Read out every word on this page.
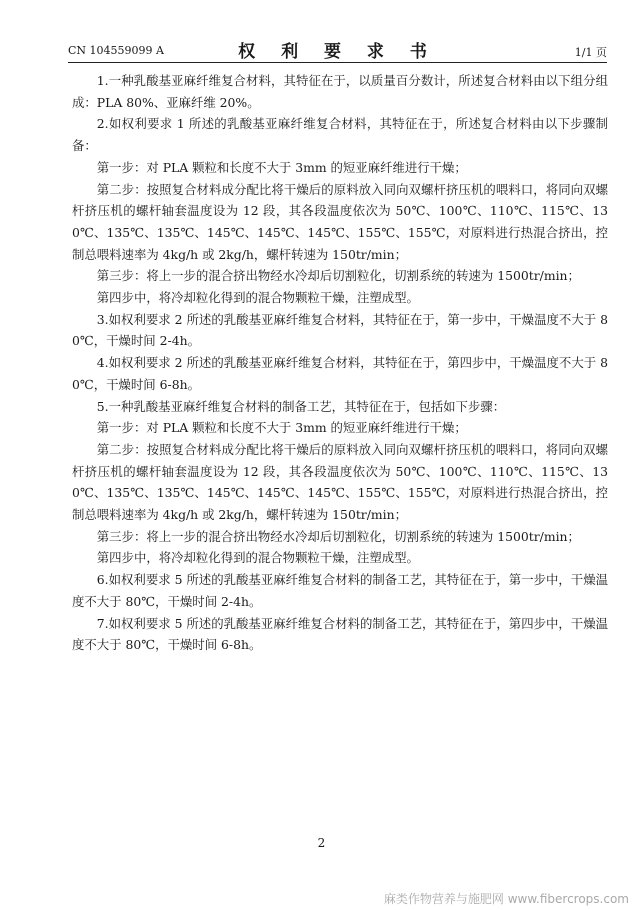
CN 104559099 A	权 利 要 求 书	1/1 页

1.一种乳酸基亚麻纤维复合材料，其特征在于，以质量百分数计，所述复合材料由以下组分组成：PLA 80%、亚麻纤维 20%。

2.如权利要求 1 所述的乳酸基亚麻纤维复合材料，其特征在于，所述复合材料由以下步骤制备：

第一步：对 PLA 颗粒和长度不大于 3mm 的短亚麻纤维进行干燥；

第二步：按照复合材料成分配比将干燥后的原料放入同向双螺杆挤压机的喂料口，将同向双螺杆挤压机的螺杆轴套温度设为 12 段，其各段温度依次为 50℃、100℃、110℃、115℃、130℃、135℃、135℃、145℃、145℃、145℃、155℃、155℃，对原料进行热混合挤出，控制总喂料速率为 4kg/h 或 2kg/h，螺杆转速为 150tr/min；

第三步：将上一步的混合挤出物经水冷却后切割粒化，切割系统的转速为 1500tr/min；

第四步中，将冷却粒化得到的混合物颗粒干燥，注塑成型。

3.如权利要求 2 所述的乳酸基亚麻纤维复合材料，其特征在于，第一步中，干燥温度不大于 80℃，干燥时间 2-4h。

4.如权利要求 2 所述的乳酸基亚麻纤维复合材料，其特征在于，第四步中，干燥温度不大于 80℃，干燥时间 6-8h。

5.一种乳酸基亚麻纤维复合材料的制备工艺，其特征在于，包括如下步骤：

第一步：对 PLA 颗粒和长度不大于 3mm 的短亚麻纤维进行干燥；

第二步：按照复合材料成分配比将干燥后的原料放入同向双螺杆挤压机的喂料口，将同向双螺杆挤压机的螺杆轴套温度设为 12 段，其各段温度依次为 50℃、100℃、110℃、115℃、130℃、135℃、135℃、145℃、145℃、145℃、155℃、155℃，对原料进行热混合挤出，控制总喂料速率为 4kg/h 或 2kg/h，螺杆转速为 150tr/min；

第三步：将上一步的混合挤出物经水冷却后切割粒化，切割系统的转速为 1500tr/min；

第四步中，将冷却粒化得到的混合物颗粒干燥，注塑成型。

6.如权利要求 5 所述的乳酸基亚麻纤维复合材料的制备工艺，其特征在于，第一步中，干燥温度不大于 80℃，干燥时间 2-4h。

7.如权利要求 5 所述的乳酸基亚麻纤维复合材料的制备工艺，其特征在于，第四步中，干燥温度不大于 80℃，干燥时间 6-8h。

2
麻类作物营养与施肥网 www.fibercrops.com
